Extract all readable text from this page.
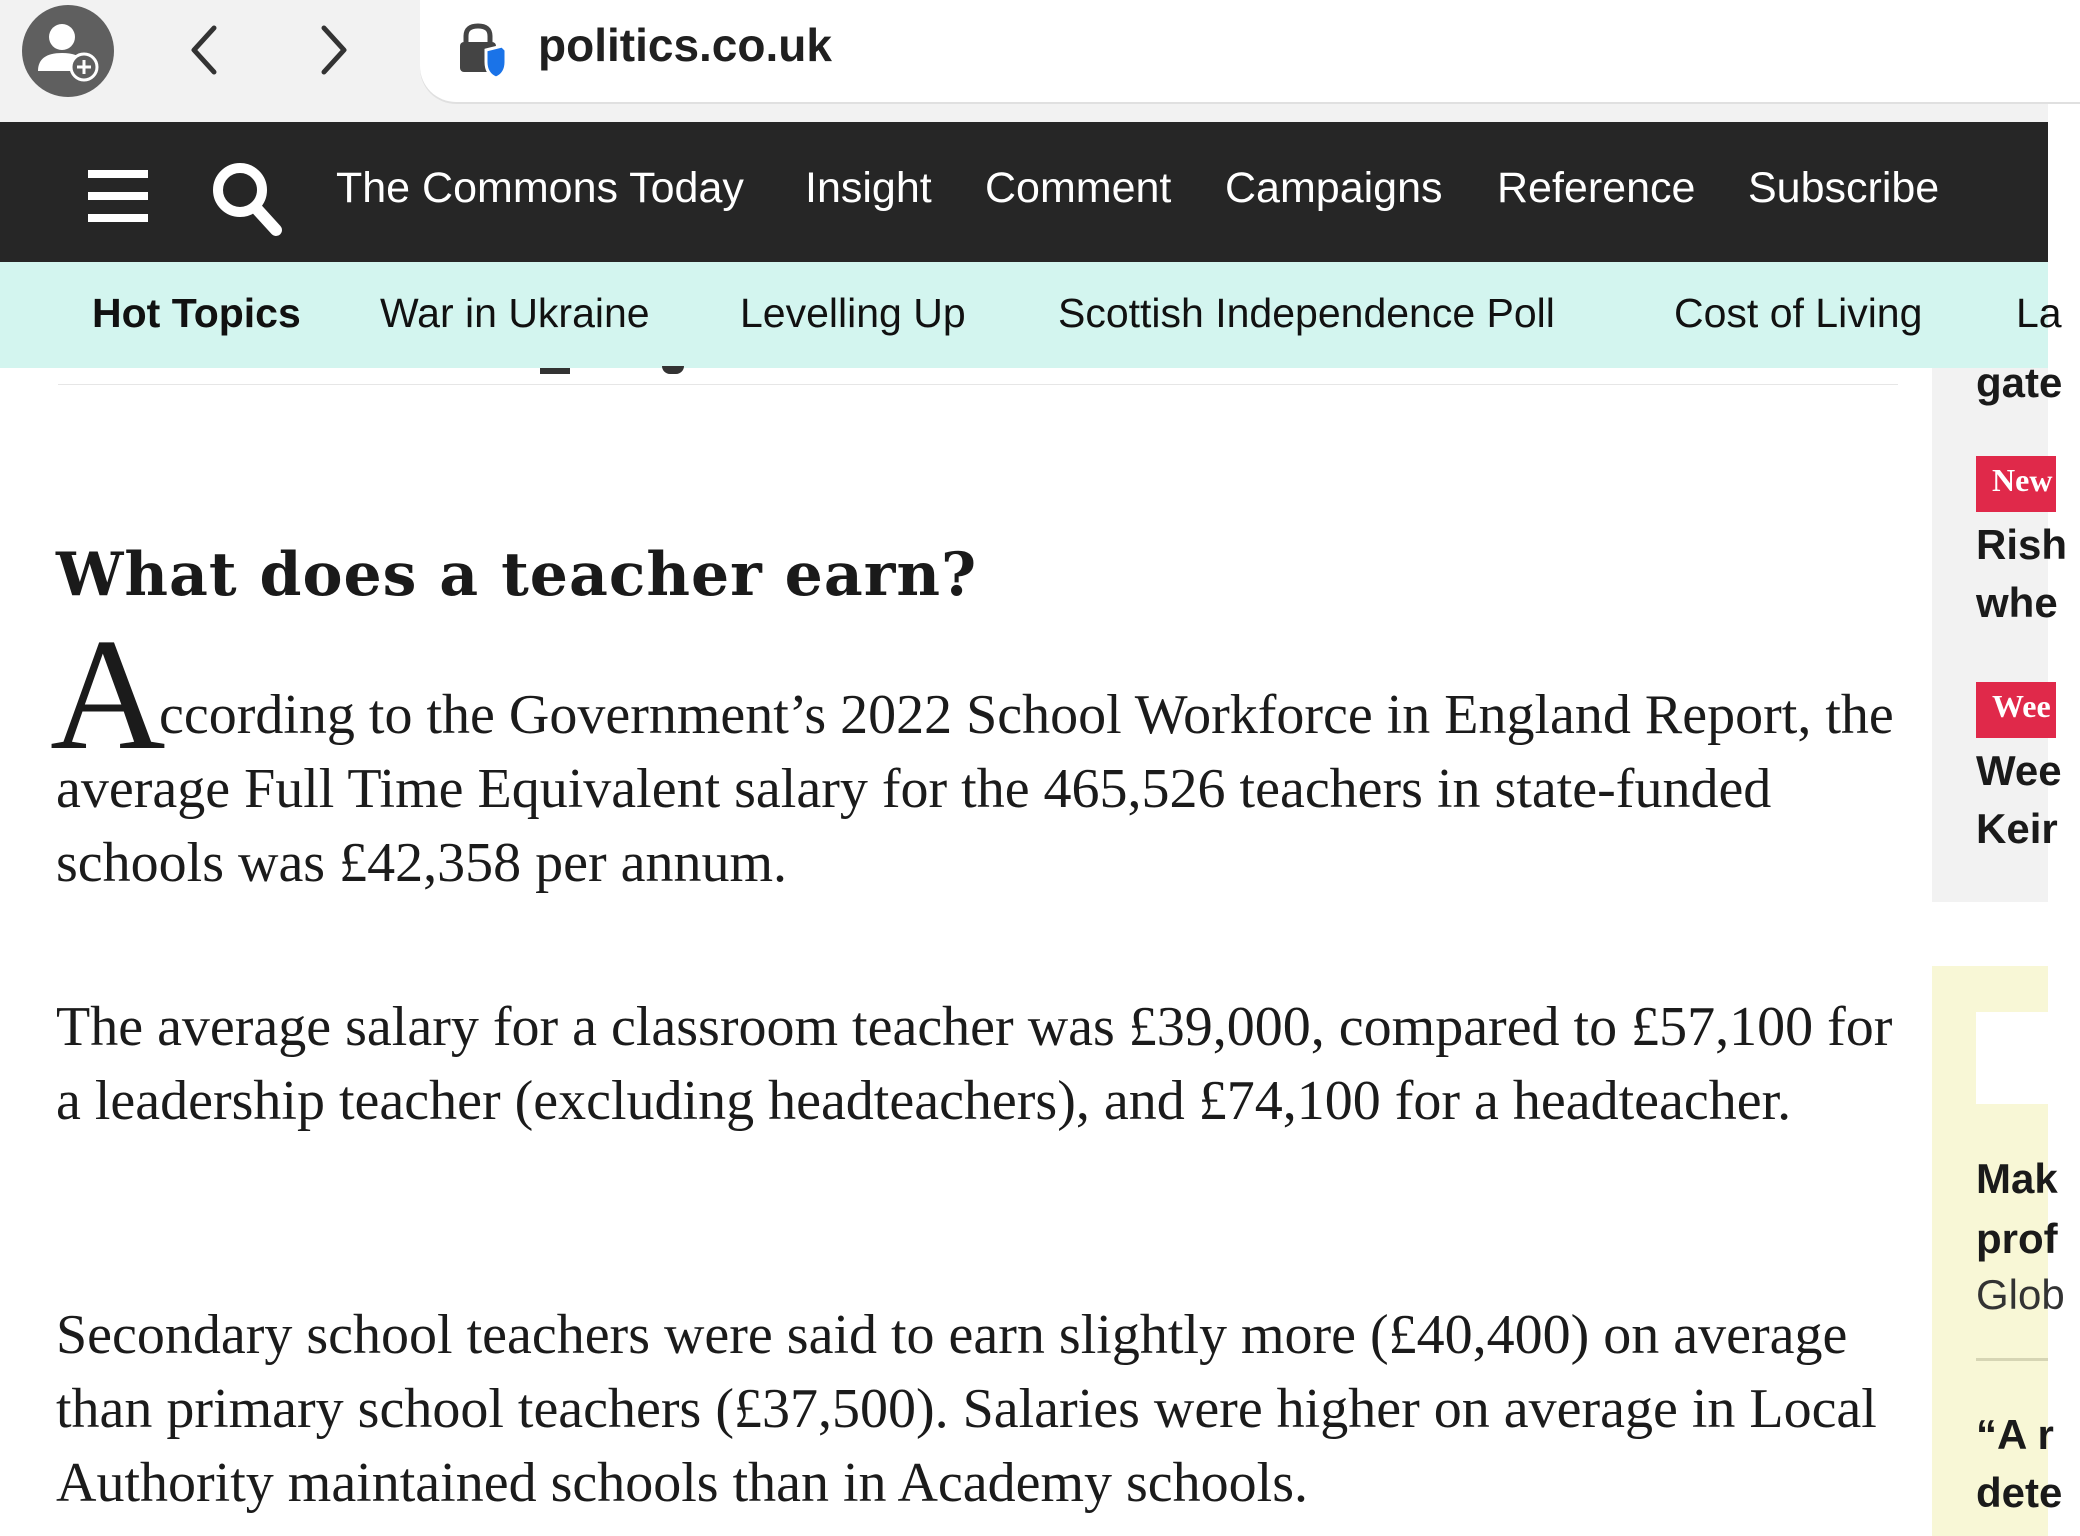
politics.co.uk
The Commons Today Insight Comment Campaigns Reference Subscribe
Hot Topics War in Ukraine Levelling Up Scottish Independence Poll	Cost of Living La
What does a teacher earn?
A

ccording to the Government’s 2022 School Workforce in England Report, the average Full Time Equivalent salary for the 465,526 teachers in state-funded schools was £42,358 per annum.

The average salary for a classroom teacher was £39,000, compared to £57,100 for a leadership teacher (excluding headteachers), and £74,100 for a headteacher.

Secondary school teachers were said to earn slightly more (£40,400) on average than primary school teachers (£37,500). Salaries were higher on average in Local Authority maintained schools than in Academy schools.

gate
New
Rish
whe
Wee
Wee
Keir
Mak
prof
Glob
“A r
dete
